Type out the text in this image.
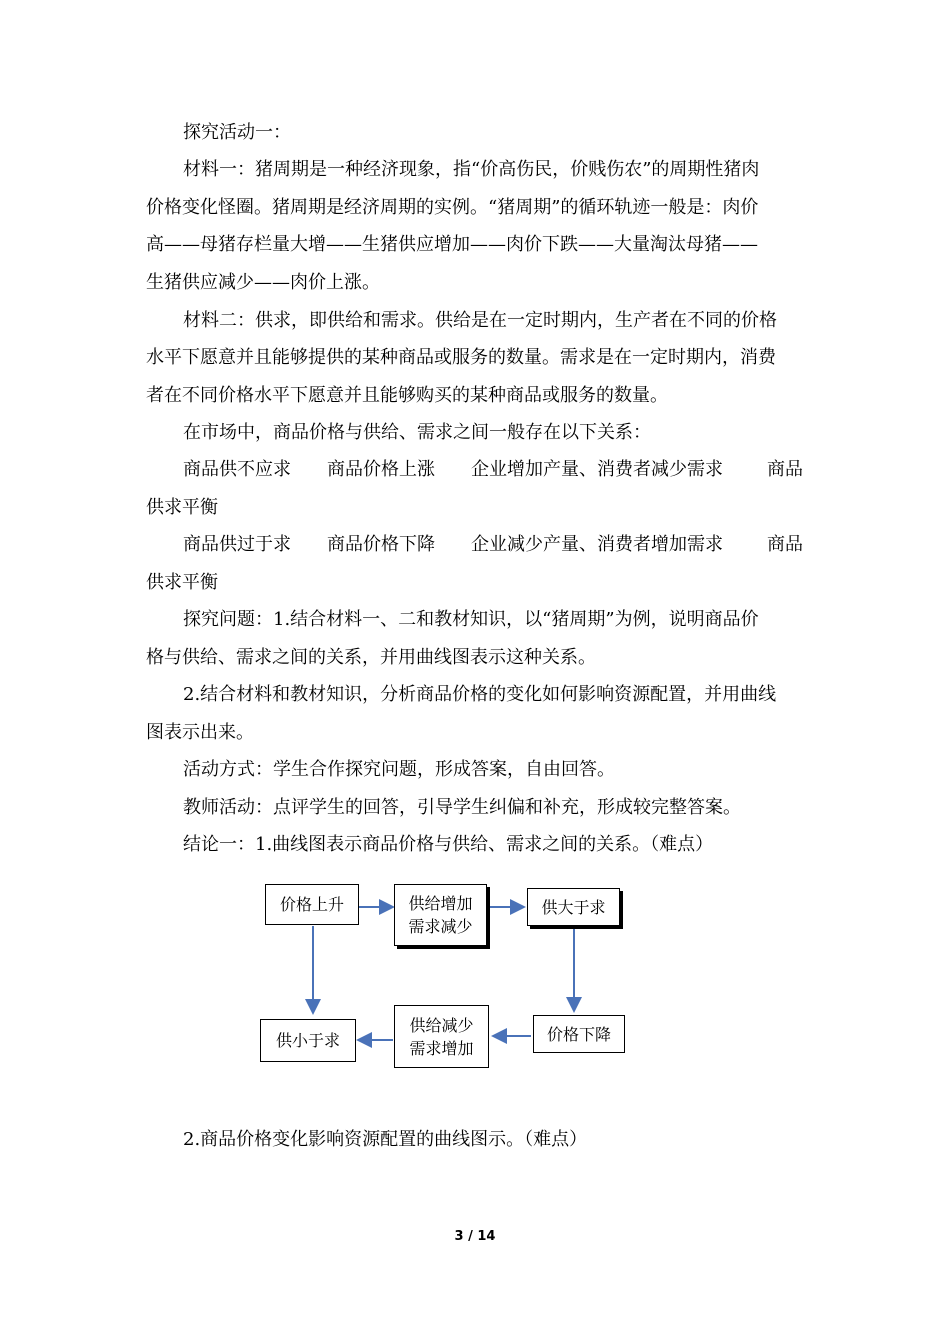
探究活动一：
材料一：猪周期是一种经济现象，指“价高伤民，价贱伤农”的周期性猪肉
价格变化怪圈。猪周期是经济周期的实例。“猪周期”的循环轨迹一般是：肉价
高——母猪存栏量大增——生猪供应增加——肉价下跌——大量淘汰母猪——
生猪供应减少——肉价上涨。
材料二：供求，即供给和需求。供给是在一定时期内，生产者在不同的价格
水平下愿意并且能够提供的某种商品或服务的数量。需求是在一定时期内，消费
者在不同价格水平下愿意并且能够购买的某种商品或服务的数量。
在市场中，商品价格与供给、需求之间一般存在以下关系：
商品供不应求 商品价格上涨 企业增加产量、消费者减少需求 商品
供求平衡
商品供过于求 商品价格下降 企业减少产量、消费者增加需求 商品
供求平衡
探究问题：1.结合材料一、二和教材知识，以“猪周期”为例，说明商品价
格与供给、需求之间的关系，并用曲线图表示这种关系。
2.结合材料和教材知识，分析商品价格的变化如何影响资源配置，并用曲线
图表示出来。
活动方式：学生合作探究问题，形成答案，自由回答。
教师活动：点评学生的回答，引导学生纠偏和补充，形成较完整答案。
结论一：1.曲线图表示商品价格与供给、需求之间的关系。（难点）
价格上升	供给增加
需求减少
供大于求
价格下降
供给减少
需求增加
供小于求
2.商品价格变化影响资源配置的曲线图示。（难点）
3 / 14
